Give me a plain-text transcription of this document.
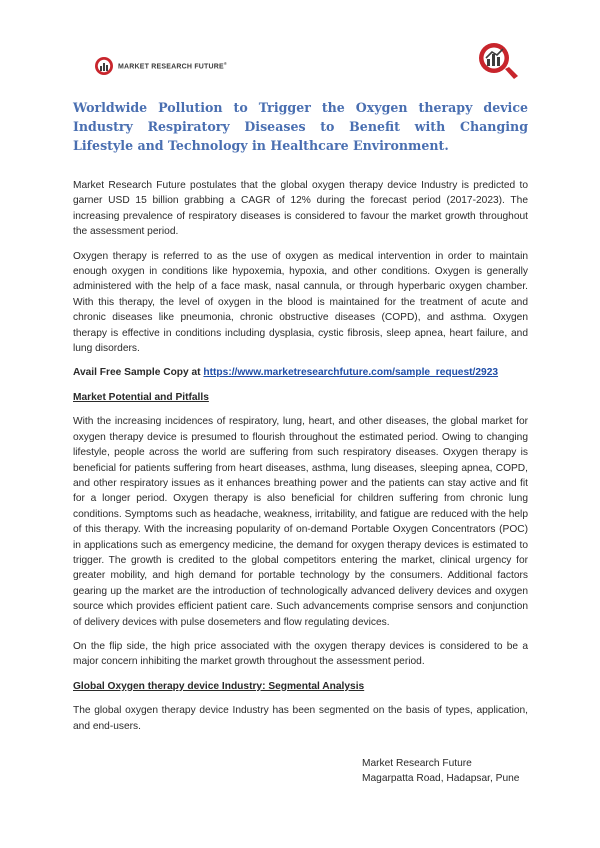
MARKET RESEARCH FUTURE®
Worldwide Pollution to Trigger the Oxygen therapy device Industry Respiratory Diseases to Benefit with Changing Lifestyle and Technology in Healthcare Environment.

Market Research Future postulates that the global oxygen therapy device Industry is predicted to garner USD 15 billion grabbing a CAGR of 12% during the forecast period (2017-2023). The increasing prevalence of respiratory diseases is considered to favour the market growth throughout the assessment period.

Oxygen therapy is referred to as the use of oxygen as medical intervention in order to maintain enough oxygen in conditions like hypoxemia, hypoxia, and other conditions. Oxygen is generally administered with the help of a face mask, nasal cannula, or through hyperbaric oxygen chamber. With this therapy, the level of oxygen in the blood is maintained for the treatment of acute and chronic diseases like pneumonia, chronic obstructive diseases (COPD), and asthma. Oxygen therapy is effective in conditions including dysplasia, cystic fibrosis, sleep apnea, heart failure, and lung disorders.

Avail Free Sample Copy at https://www.marketresearchfuture.com/sample_request/2923

Market Potential and Pitfalls

With the increasing incidences of respiratory, lung, heart, and other diseases, the global market for oxygen therapy device is presumed to flourish throughout the estimated period. Owing to changing lifestyle, people across the world are suffering from such respiratory diseases. Oxygen therapy is beneficial for patients suffering from heart diseases, asthma, lung diseases, sleeping apnea, COPD, and other respiratory issues as it enhances breathing power and the patients can stay active and fit for a longer period. Oxygen therapy is also beneficial for children suffering from chronic lung conditions. Symptoms such as headache, weakness, irritability, and fatigue are reduced with the help of this therapy. With the increasing popularity of on-demand Portable Oxygen Concentrators (POC) in applications such as emergency medicine, the demand for oxygen therapy devices is estimated to trigger. The growth is credited to the global competitors entering the market, clinical urgency for greater mobility, and high demand for portable technology by the consumers. Additional factors gearing up the market are the introduction of technologically advanced delivery devices and oxygen source which provides efficient patient care. Such advancements comprise sensors and conjunction of delivery devices with pulse dosemeters and flow regulating devices.

On the flip side, the high price associated with the oxygen therapy devices is considered to be a major concern inhibiting the market growth throughout the assessment period.

Global Oxygen therapy device Industry: Segmental Analysis

The global oxygen therapy device Industry has been segmented on the basis of types, application, and end-users.

Market Research Future
Magarpatta Road, Hadapsar, Pune
